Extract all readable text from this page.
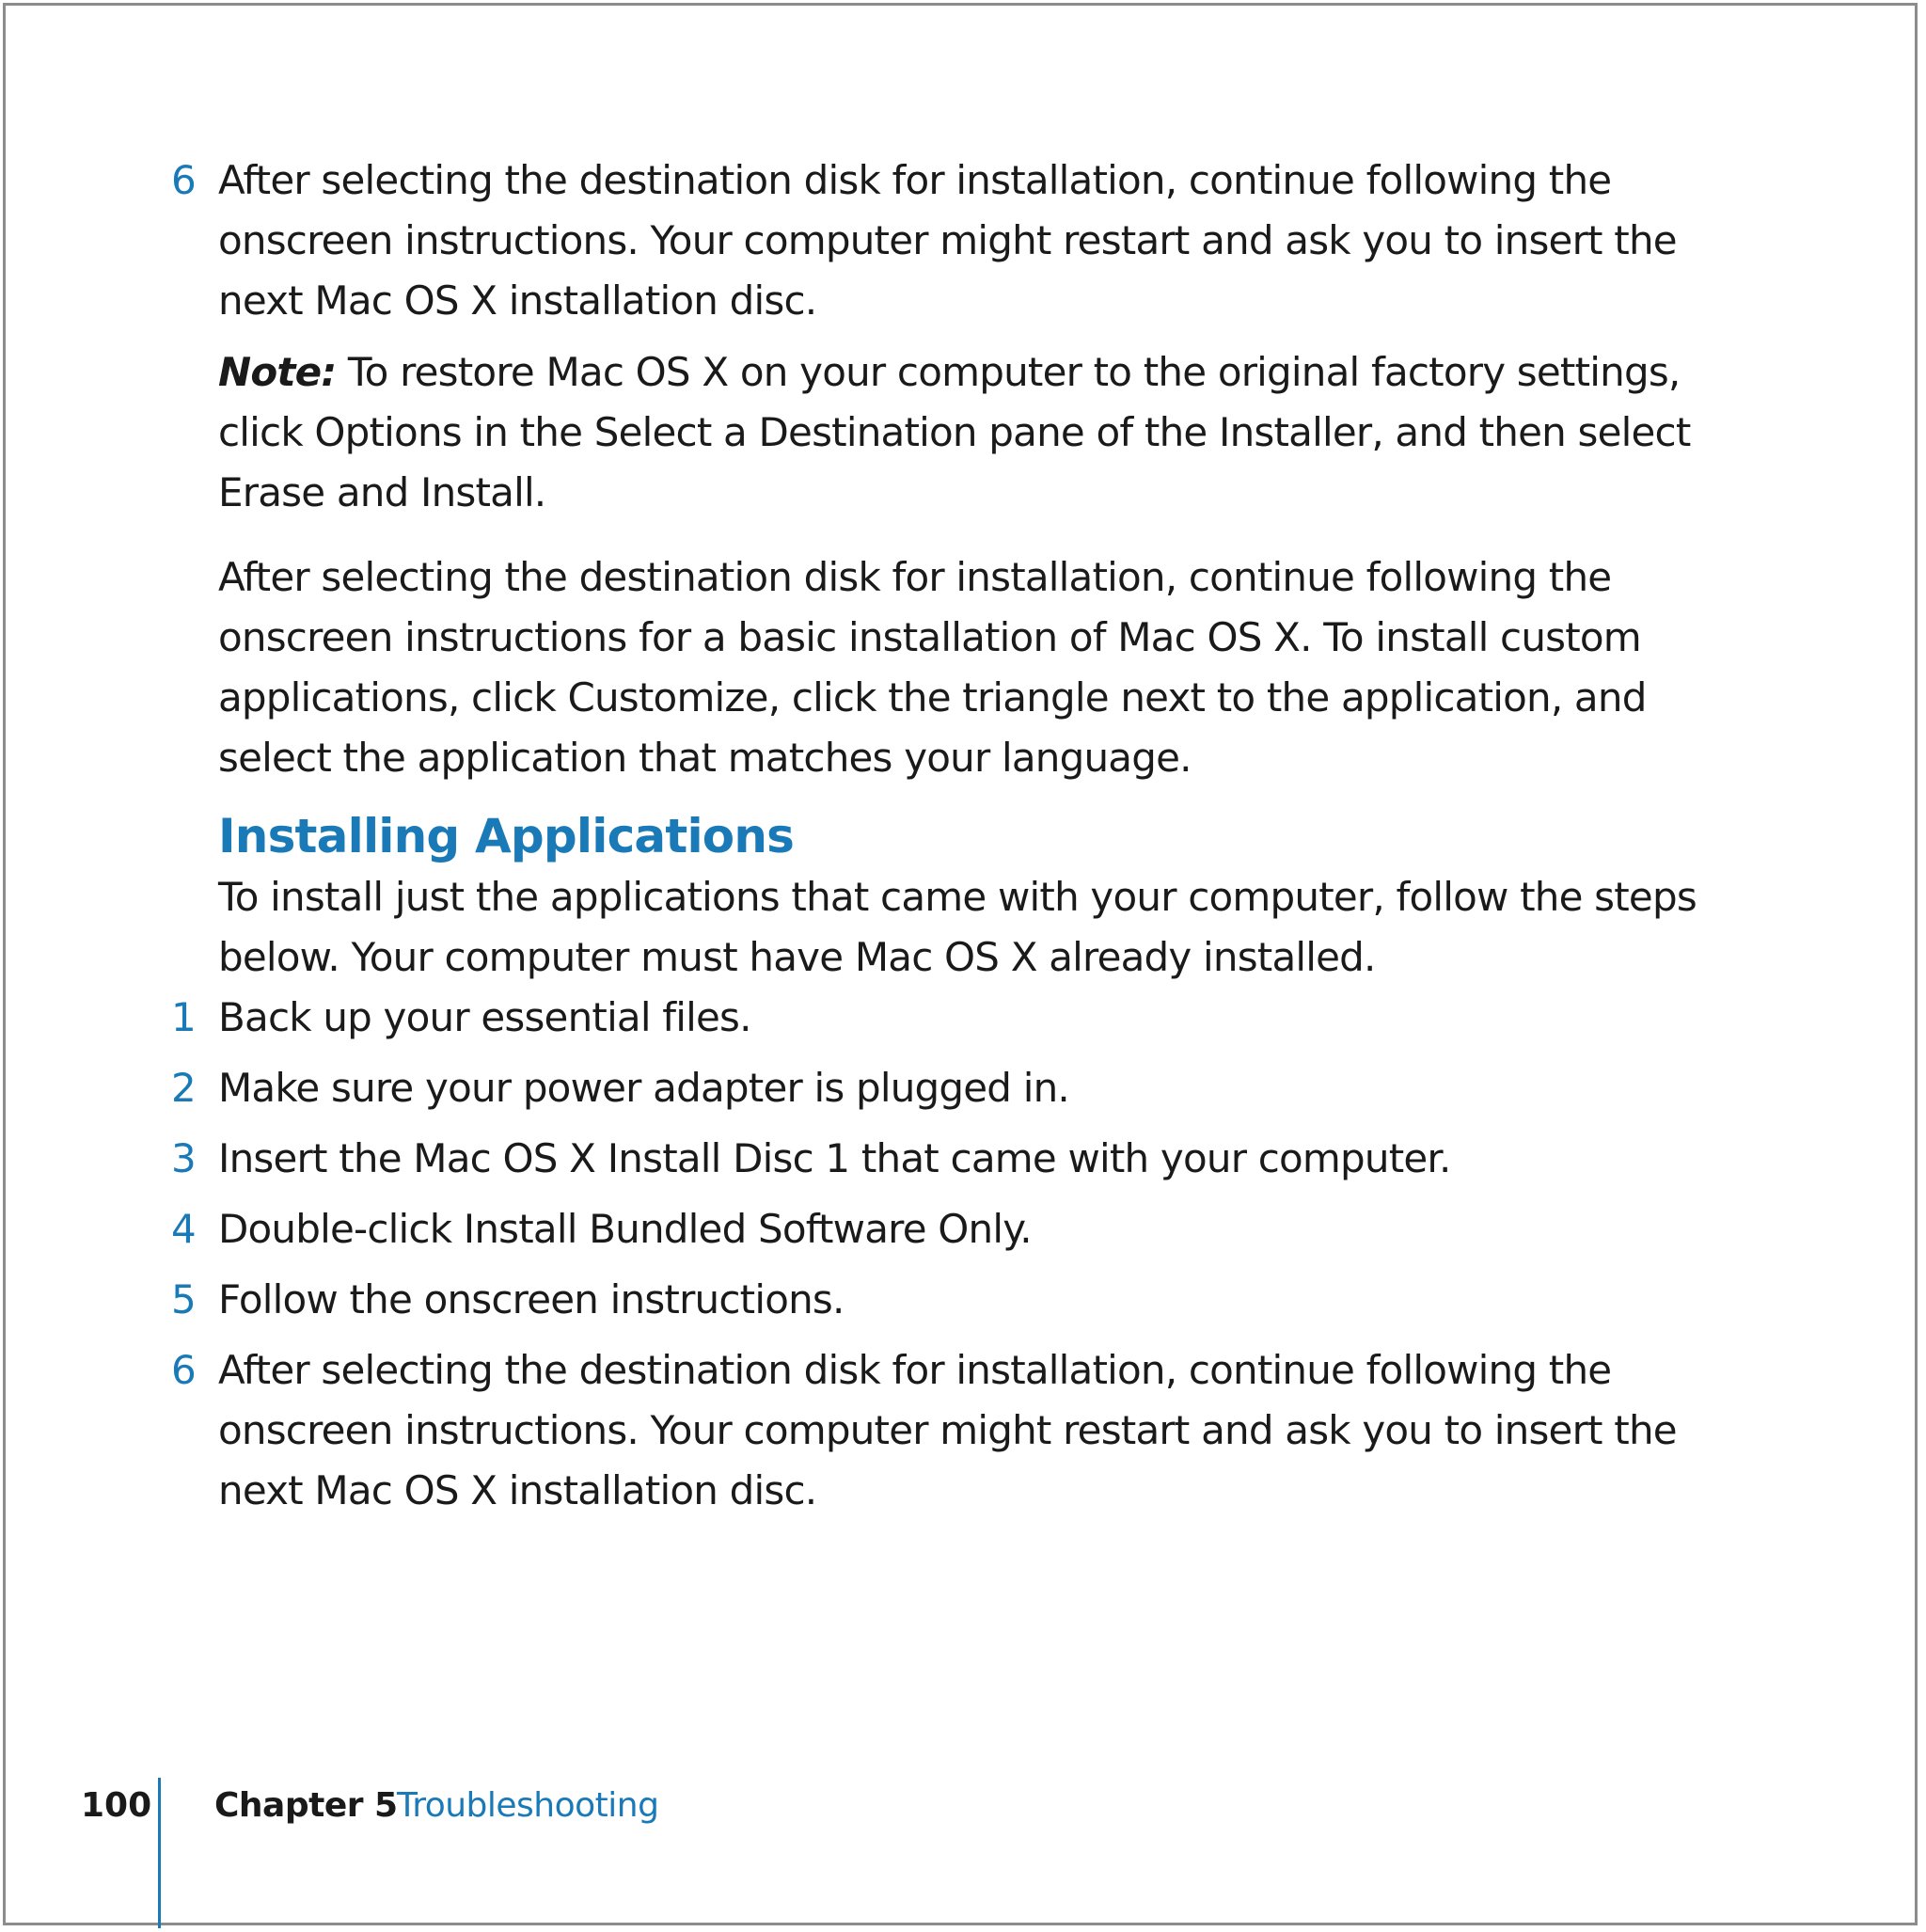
6 After selecting the destination disk for installation, continue following the onscreen instructions. Your computer might restart and ask you to insert the next Mac OS X installation disc.

Note: To restore Mac OS X on your computer to the original factory settings, click Options in the Select a Destination pane of the Installer, and then select Erase and Install.

After selecting the destination disk for installation, continue following the onscreen instructions for a basic installation of Mac OS X. To install custom applications, click Customize, click the triangle next to the application, and select the application that matches your language.

Installing Applications

To install just the applications that came with your computer, follow the steps below. Your computer must have Mac OS X already installed.

1 Back up your essential files.

2 Make sure your power adapter is plugged in.

3 Insert the Mac OS X Install Disc 1 that came with your computer.

4 Double-click Install Bundled Software Only.

5 Follow the onscreen instructions.

6 After selecting the destination disk for installation, continue following the onscreen instructions. Your computer might restart and ask you to insert the next Mac OS X installation disc.

100 Chapter 5 Troubleshooting
